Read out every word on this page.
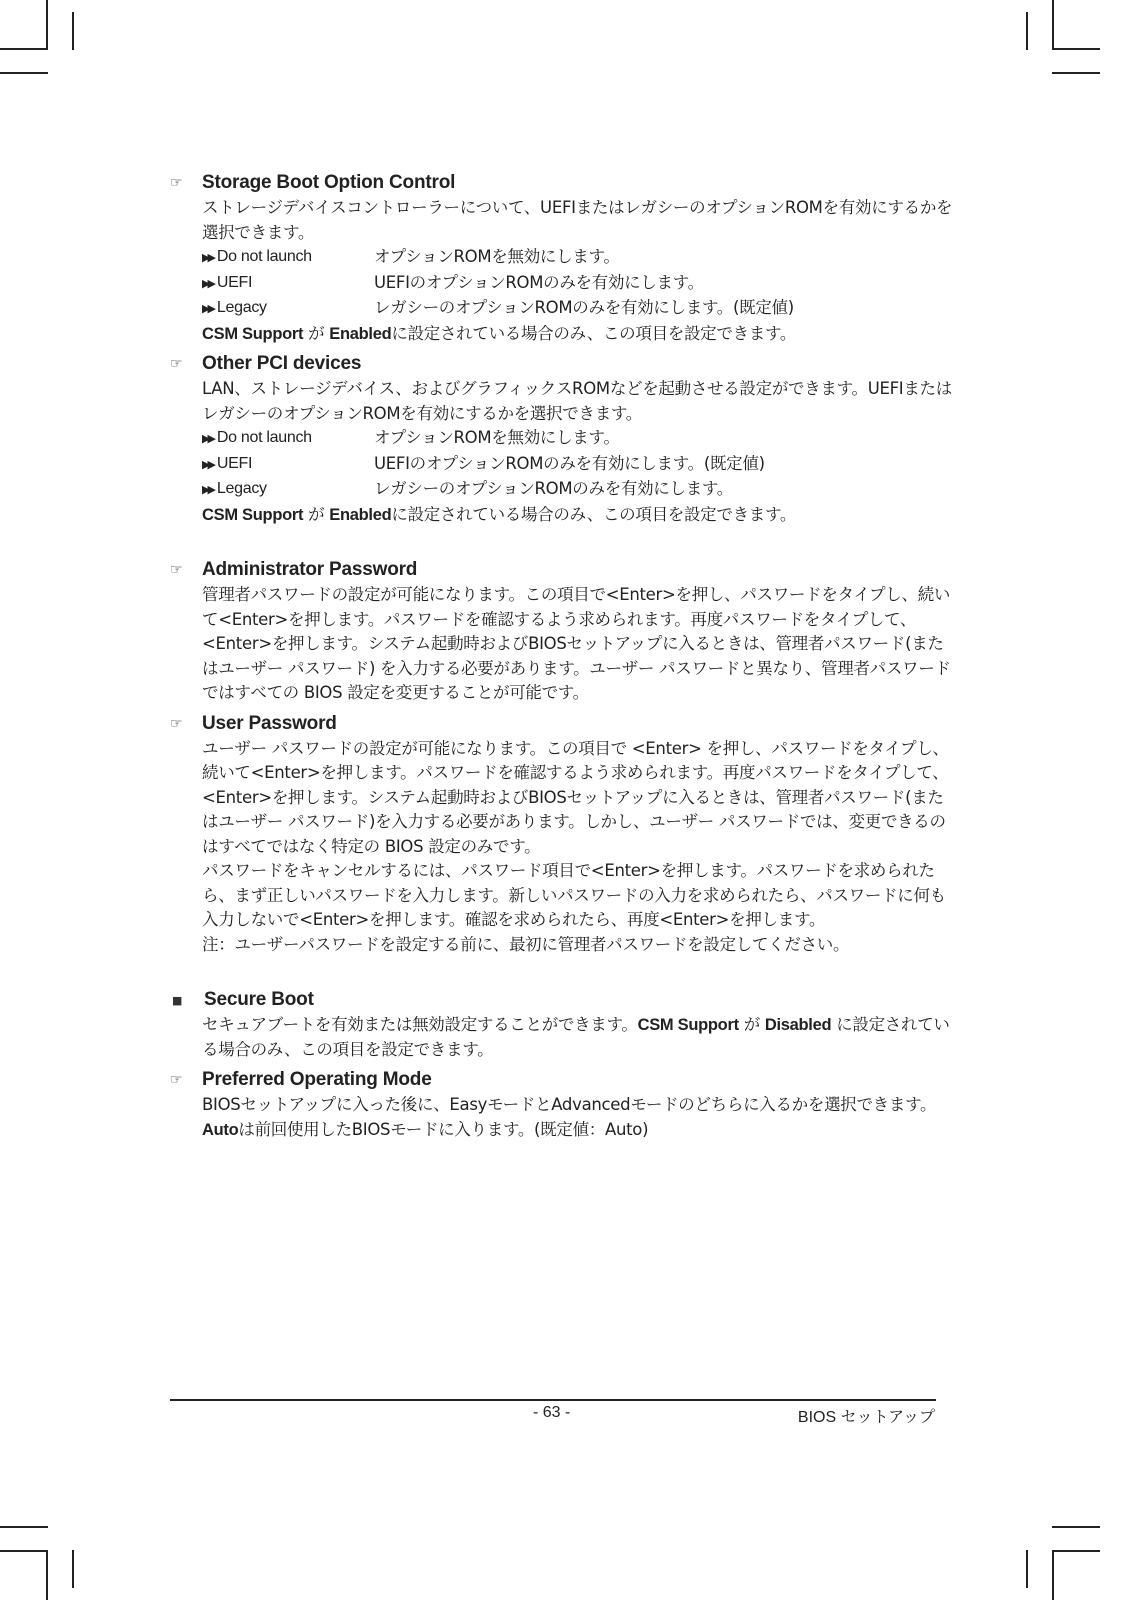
☞	Storage Boot Option Control

ストレージデバイスコントローラーについて、UEFIまたはレガシーのオプションROMを有効にするかを選択できます。

▶▶ Do not launch	オプションROMを無効にします。
▶▶ UEFI	UEFIのオプションROMのみを有効にします。
▶▶ Legacy	レガシーのオプションROMのみを有効にします。(既定値)

CSM Support が Enabledに設定されている場合のみ、この項目を設定できます。

☞	Other PCI devices

LAN、ストレージデバイス、およびグラフィックスROMなどを起動させる設定ができます。UEFIまたはレガシーのオプションROMを有効にするかを選択できます。

▶▶ Do not launch	オプションROMを無効にします。
▶▶ UEFI	UEFIのオプションROMのみを有効にします。(既定値)
▶▶ Legacy	レガシーのオプションROMのみを有効にします。

CSM Support が Enabledに設定されている場合のみ、この項目を設定できます。

☞	Administrator Password

管理者パスワードの設定が可能になります。この項目で<Enter>を押し、パスワードをタイプし、続いて<Enter>を押します。パスワードを確認するよう求められます。再度パスワードをタイプして、<Enter>を押します。システム起動時およびBIOSセットアップに入るときは、管理者パスワード(またはユーザー パスワード) を入力する必要があります。ユーザー パスワードと異なり、管理者パスワードではすべての BIOS 設定を変更することが可能です。

☞	User Password

ユーザー パスワードの設定が可能になります。この項目で <Enter> を押し、パスワードをタイプし、続いて<Enter>を押します。パスワードを確認するよう求められます。再度パスワードをタイプして、<Enter>を押します。システム起動時およびBIOSセットアップに入るときは、管理者パスワード(またはユーザー パスワード)を入力する必要があります。しかし、ユーザー パスワードでは、変更できるのはすべてではなく特定の BIOS 設定のみです。

パスワードをキャンセルするには、パスワード項目で<Enter>を押します。パスワードを求められたら、まず正しいパスワードを入力します。新しいパスワードの入力を求められたら、パスワードに何も入力しないで<Enter>を押します。確認を求められたら、再度<Enter>を押します。

注：ユーザーパスワードを設定する前に、最初に管理者パスワードを設定してください。

■	Secure Boot

セキュアブートを有効または無効設定することができます。CSM Support が Disabled に設定されている場合のみ、この項目を設定できます。

☞	Preferred Operating Mode

BIOSセットアップに入った後に、EasyモードとAdvancedモードのどちらに入るかを選択できます。Autoは前回使用したBIOSモードに入ります。(既定値：Auto)

- 63 -	BIOS セットアップ
